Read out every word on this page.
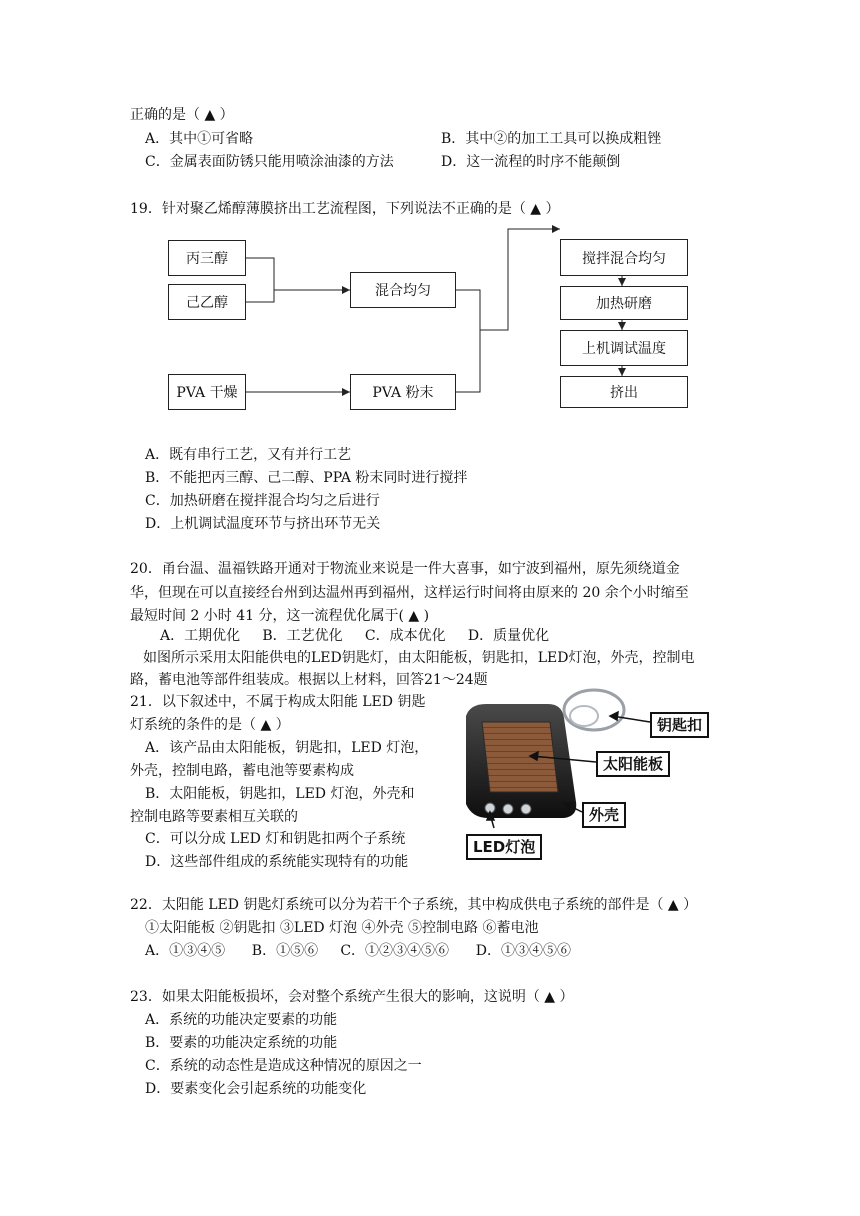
正确的是（ ▲ ）
A．其中①可省略	B．其中②的加工工具可以换成粗锉
C．金属表面防锈只能用喷涂油漆的方法	D．这一流程的时序不能颠倒
19．针对聚乙烯醇薄膜挤出工艺流程图，下列说法不正确的是（ ▲ ）
丙三醇
己乙醇
PVA 干燥
混合均匀
PVA 粉末
搅拌混合均匀
加热研磨
上机调试温度
挤出
A．既有串行工艺，又有并行工艺
B．不能把丙三醇、己二醇、PPA 粉末同时进行搅拌
C．加热研磨在搅拌混合均匀之后进行
D．上机调试温度环节与挤出环节无关
20．甬台温、温福铁路开通对于物流业来说是一件大喜事，如宁波到福州，原先须绕道金
华，但现在可以直接经台州到达温州再到福州，这样运行时间将由原来的 20 余个小时缩至
最短时间 2 小时 41 分，这一流程优化属于( ▲ )
A．工期优化     B．工艺优化     C．成本优化     D．质量优化
如图所示采用太阳能供电的LED钥匙灯，由太阳能板，钥匙扣，LED灯泡，外壳，控制电
路，蓄电池等部件组装成。根据以上材料，回答21～24题
21．以下叙述中，不属于构成太阳能 LED 钥匙
灯系统的条件的是（ ▲ ）
A．该产品由太阳能板，钥匙扣，LED 灯泡，
外壳，控制电路，蓄电池等要素构成
B．太阳能板，钥匙扣，LED 灯泡，外壳和
控制电路等要素相互关联的
C．可以分成 LED 灯和钥匙扣两个子系统
D．这些部件组成的系统能实现特有的功能
钥匙扣
太阳能板
外壳
LED灯泡
22．太阳能 LED 钥匙灯系统可以分为若干个子系统，其中构成供电子系统的部件是（ ▲ ）
①太阳能板 ②钥匙扣 ③LED 灯泡 ④外壳 ⑤控制电路 ⑥蓄电池
A．①③④⑤      B．①⑤⑥     C．①②③④⑤⑥      D．①③④⑤⑥
23．如果太阳能板损坏，会对整个系统产生很大的影响，这说明（ ▲ ）
A．系统的功能决定要素的功能
B．要素的功能决定系统的功能
C．系统的动态性是造成这种情况的原因之一
D．要素变化会引起系统的功能变化
